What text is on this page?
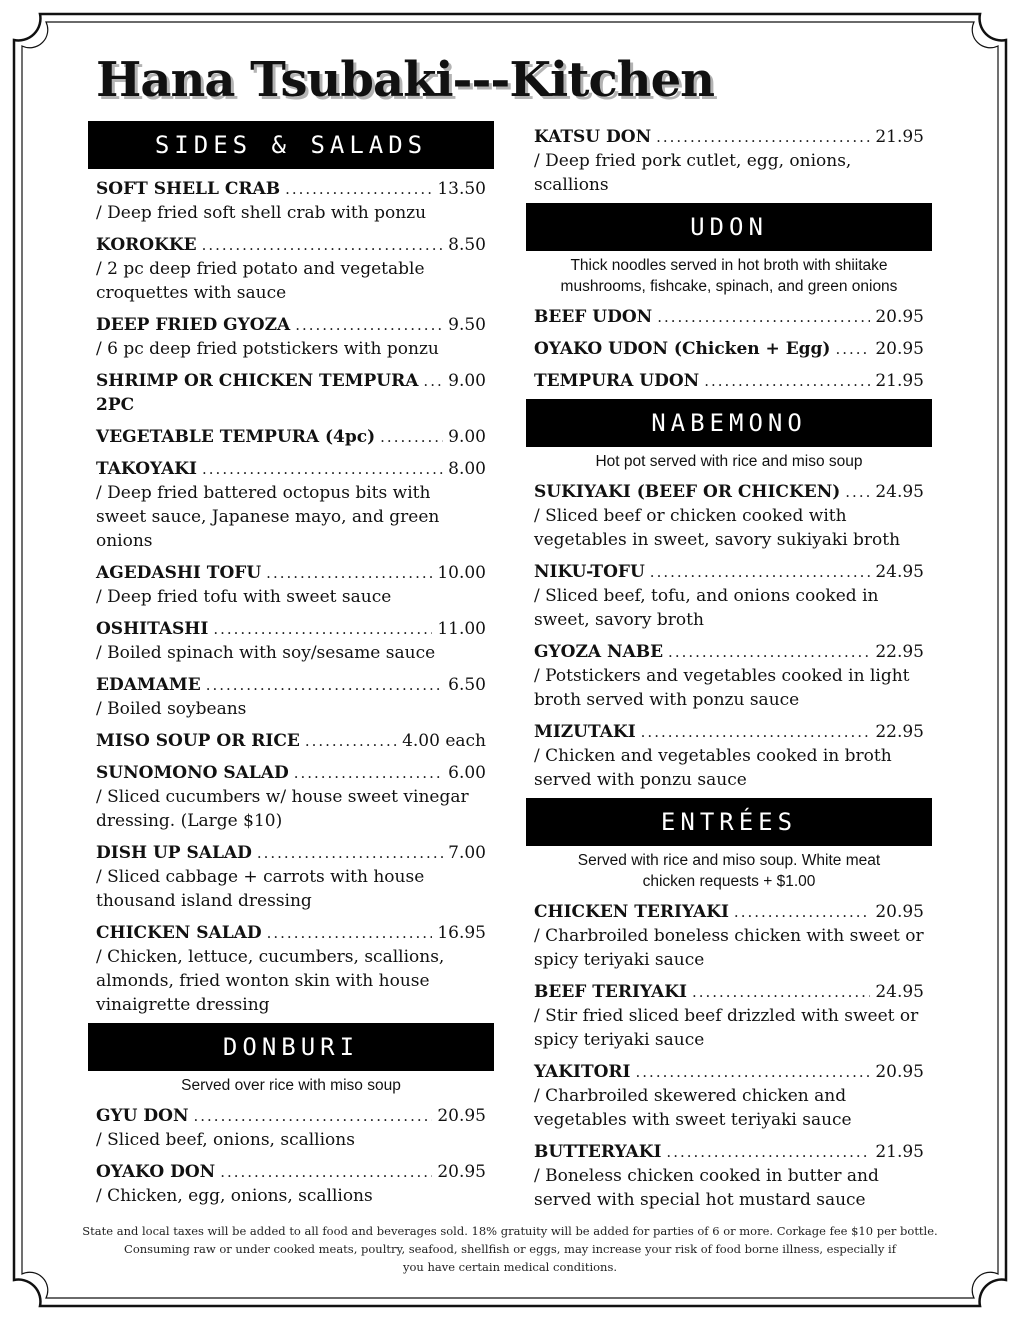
Hana Tsubaki---Kitchen
SIDES & SALADS
SOFT SHELL CRAB .....	13.50
/ Deep fried soft shell crab with ponzu
KOROKKE .....	8.50
/ 2 pc deep fried potato and vegetable croquettes with sauce
DEEP FRIED GYOZA .....	9.50
/ 6 pc deep fried potstickers with ponzu
SHRIMP OR CHICKEN TEMPURA ..... 9.00
2PC
VEGETABLE TEMPURA (4pc) .....	9.00
TAKOYAKI .....	8.00
/ Deep fried battered octopus bits with sweet sauce, Japanese mayo, and green onions
AGEDASHI TOFU .....	10.00
/ Deep fried tofu with sweet sauce
OSHITASHI .....	11.00
/ Boiled spinach with soy/sesame sauce
EDAMAME .....	6.50
/ Boiled soybeans
MISO SOUP OR RICE .....	4.00 each
SUNOMONO SALAD .....	6.00
/ Sliced cucumbers w/ house sweet vinegar dressing. (Large $10)
DISH UP SALAD .....	7.00
/ Sliced cabbage + carrots with house thousand island dressing
CHICKEN SALAD .....	16.95
/ Chicken, lettuce, cucumbers, scallions, almonds, fried wonton skin with house vinaigrette dressing
DONBURI
Served over rice with miso soup
GYU DON .....	20.95
/ Sliced beef, onions, scallions
OYAKO DON .....	20.95
/ Chicken, egg, onions, scallions
KATSU DON .....	21.95
/ Deep fried pork cutlet, egg, onions, scallions
UDON
Thick noodles served in hot broth with shiitake mushrooms, fishcake, spinach, and green onions
BEEF UDON .....	20.95
OYAKO UDON (Chicken + Egg) .....	20.95
TEMPURA UDON .....	21.95
NABEMONO
Hot pot served with rice and miso soup
SUKIYAKI (BEEF OR CHICKEN) ..... 24.95
/ Sliced beef or chicken cooked with vegetables in sweet, savory sukiyaki broth
NIKU-TOFU .....	24.95
/ Sliced beef, tofu, and onions cooked in sweet, savory broth
GYOZA NABE .....	22.95
/ Potstickers and vegetables cooked in light broth served with ponzu sauce
MIZUTAKI .....	22.95
/ Chicken and vegetables cooked in broth served with ponzu sauce
ENTRÉES
Served with rice and miso soup. White meat chicken requests + $1.00
CHICKEN TERIYAKI .....	20.95
/ Charbroiled boneless chicken with sweet or spicy teriyaki sauce
BEEF TERIYAKI .....	24.95
/ Stir fried sliced beef drizzled with sweet or spicy teriyaki sauce
YAKITORI .....	20.95
/ Charbroiled skewered chicken and vegetables with sweet teriyaki sauce
BUTTERYAKI .....	21.95
/ Boneless chicken cooked in butter and served with special hot mustard sauce
State and local taxes will be added to all food and beverages sold. 18% gratuity will be added for parties of 6 or more. Corkage fee $10 per bottle.
Consuming raw or under cooked meats, poultry, seafood, shellfish or eggs, may increase your risk of food borne illness, especially if
you have certain medical conditions.
